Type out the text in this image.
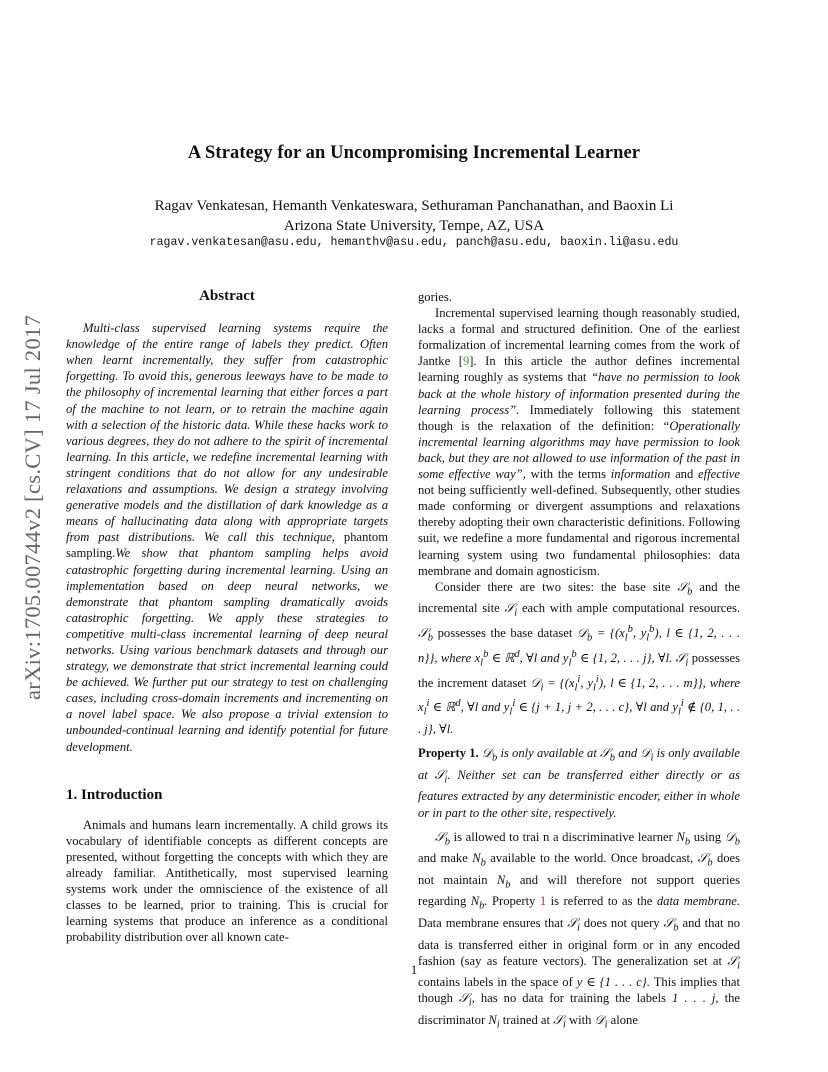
arXiv:1705.00744v2 [cs.CV] 17 Jul 2017
A Strategy for an Uncompromising Incremental Learner
Ragav Venkatesan, Hemanth Venkateswara, Sethuraman Panchanathan, and Baoxin Li
Arizona State University, Tempe, AZ, USA
ragav.venkatesan@asu.edu, hemanthv@asu.edu, panch@asu.edu, baoxin.li@asu.edu
Abstract

Multi-class supervised learning systems require the knowledge of the entire range of labels they predict. Often when learnt incrementally, they suffer from catastrophic forgetting. To avoid this, generous leeways have to be made to the philosophy of incremental learning that either forces a part of the machine to not learn, or to retrain the machine again with a selection of the historic data. While these hacks work to various degrees, they do not adhere to the spirit of incremental learning. In this article, we redefine incremental learning with stringent conditions that do not allow for any undesirable relaxations and assumptions. We design a strategy involving generative models and the distillation of dark knowledge as a means of hallucinating data along with appropriate targets from past distributions. We call this technique, phantom sampling.We show that phantom sampling helps avoid catastrophic forgetting during incremental learning. Using an implementation based on deep neural networks, we demonstrate that phantom sampling dramatically avoids catastrophic forgetting. We apply these strategies to competitive multi-class incremental learning of deep neural networks. Using various benchmark datasets and through our strategy, we demonstrate that strict incremental learning could be achieved. We further put our strategy to test on challenging cases, including cross-domain increments and incrementing on a novel label space. We also propose a trivial extension to unbounded-continual learning and identify potential for future development.

1. Introduction

Animals and humans learn incrementally. A child grows its vocabulary of identifiable concepts as different concepts are presented, without forgetting the concepts with which they are already familiar. Antithetically, most supervised learning systems work under the omniscience of the existence of all classes to be learned, prior to training. This is crucial for learning systems that produce an inference as a conditional probability distribution over all known cate-

gories.

Incremental supervised learning though reasonably studied, lacks a formal and structured definition. One of the earliest formalization of incremental learning comes from the work of Jantke [9]. In this article the author defines incremental learning roughly as systems that “have no permission to look back at the whole history of information presented during the learning process”. Immediately following this statement though is the relaxation of the definition: “Operationally incremental learning algorithms may have permission to look back, but they are not allowed to use information of the past in some effective way”, with the terms information and effective not being sufficiently well-defined. Subsequently, other studies made conforming or divergent assumptions and relaxations thereby adopting their own characteristic definitions. Following suit, we redefine a more fundamental and rigorous incremental learning system using two fundamental philosophies: data membrane and domain agnosticism.

Consider there are two sites: the base site 𝒮$_b$ and the incremental site 𝒮$_i$ each with ample computational resources. 𝒮$_b$ possesses the base dataset 𝒟$_b$ = {($x_l^b$, $y_l^b$), l ∈ {1, 2, . . . n}}, where $x_l^b$ ∈ ℝ$^d$, ∀l and $y_l^b$ ∈ {1, 2, . . . j}, ∀l. 𝒮$_i$ possesses the increment dataset 𝒟$_i$ = {($x_l^i$, $y_l^i$), l ∈ {1, 2, . . . m}}, where $x_l^i$ ∈ ℝ$^d$, ∀l and $y_l^i$ ∈ {j + 1, j + 2, . . . c}, ∀l and $y_l^i$ ∉ {0, 1, . . . j}, ∀l.

Property 1. 𝒟$_b$ is only available at 𝒮$_b$ and 𝒟$_i$ is only available at 𝒮$_i$. Neither set can be transferred either directly or as features extracted by any deterministic encoder, either in whole or in part to the other site, respectively.

𝒮$_b$ is allowed to trai n a discriminative learner $N_b$ using 𝒟$_b$ and make $N_b$ available to the world. Once broadcast, 𝒮$_b$ does not maintain $N_b$ and will therefore not support queries regarding $N_b$. Property 1 is referred to as the data membrane. Data membrane ensures that 𝒮$_i$ does not query 𝒮$_b$ and that no data is transferred either in original form or in any encoded fashion (say as feature vectors). The generalization set at 𝒮$_i$ contains labels in the space of y ∈ {1 . . . c}. This implies that though 𝒮$_i$, has no data for training the labels 1 . . . j, the discriminator $N_i$ trained at 𝒮$_i$ with 𝒟$_i$ alone

1
